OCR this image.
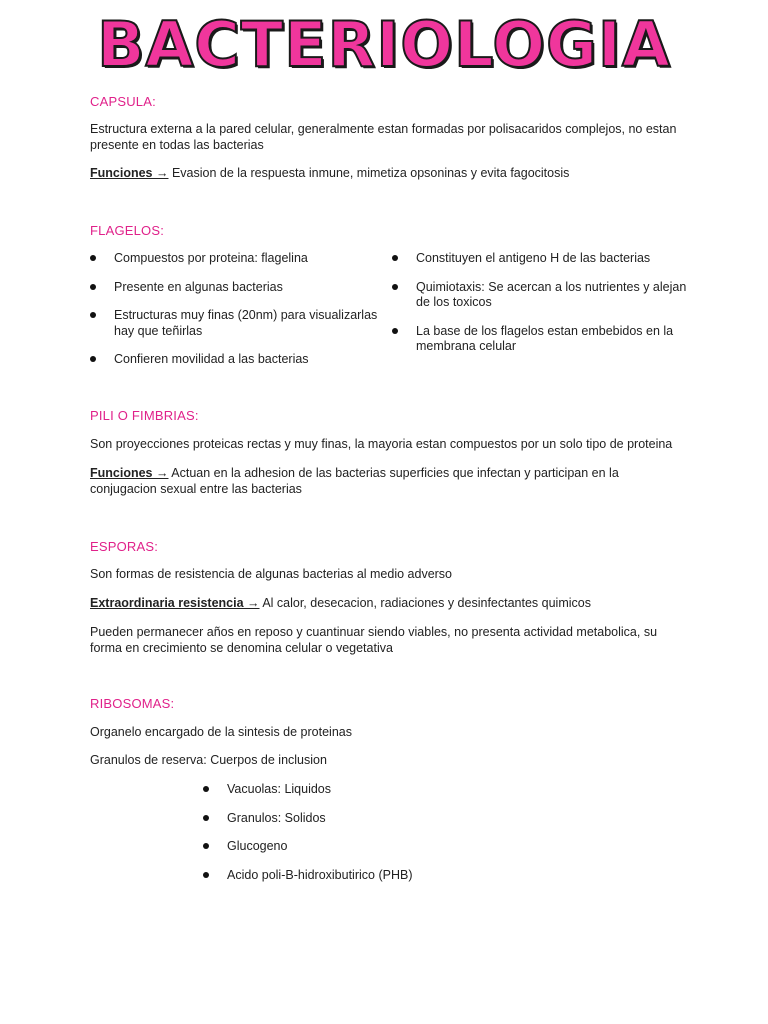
BACTERIOLOGIA
CAPSULA:
Estructura externa a la pared celular, generalmente estan formadas por polisacaridos complejos, no estan presente en todas las bacterias
Funciones → Evasion de la respuesta inmune, mimetiza opsoninas y evita fagocitosis
FLAGELOS:
Compuestos por proteina: flagelina
Presente en algunas bacterias
Estructuras muy finas (20nm) para visualizarlas hay que teñirlas
Confieren movilidad a las bacterias
Constituyen el antigeno H de las bacterias
Quimiotaxis: Se acercan a los nutrientes y alejan de los toxicos
La base de los flagelos estan embebidos en la membrana celular
PILI O FIMBRIAS:
Son proyecciones proteicas rectas y muy finas, la mayoria estan compuestos por un solo tipo de proteina
Funciones → Actuan en la adhesion de las bacterias superficies que infectan y participan en la conjugacion sexual entre las bacterias
ESPORAS:
Son formas de resistencia de algunas bacterias al medio adverso
Extraordinaria resistencia → Al calor, desecacion, radiaciones y desinfectantes quimicos
Pueden permanecer años en reposo y cuantinuar siendo viables, no presenta actividad metabolica, su forma en crecimiento se denomina celular o vegetativa
RIBOSOMAS:
Organelo encargado de la sintesis de proteinas
Granulos de reserva: Cuerpos de inclusion
Vacuolas: Liquidos
Granulos: Solidos
Glucogeno
Acido poli-B-hidroxibutirico (PHB)
